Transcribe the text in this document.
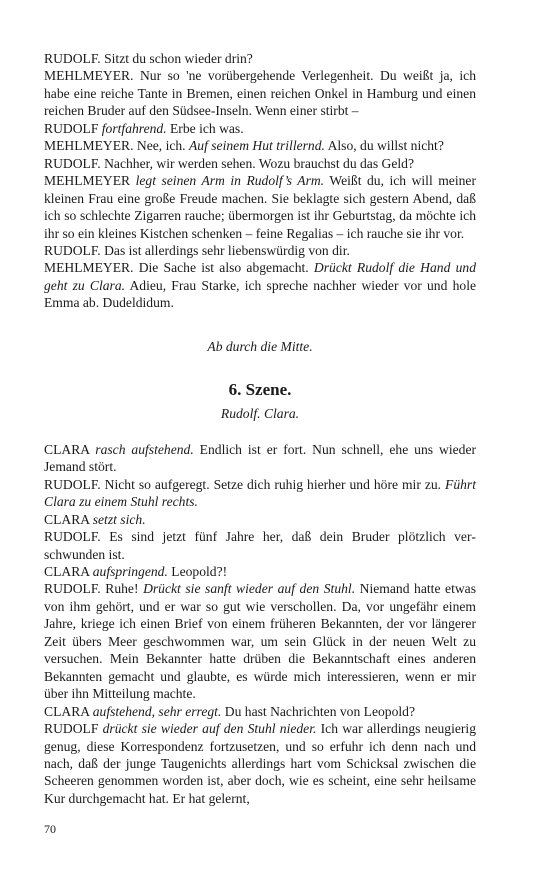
RUDOLF. Sitzt du schon wieder drin?

MEHLMEYER. Nur so 'ne vorübergehende Verlegenheit. Du weißt ja, ich habe eine reiche Tante in Bremen, einen reichen Onkel in Hamburg und einen reichen Bruder auf den Südsee-Inseln. Wenn einer stirbt –

RUDOLF fortfahrend. Erbe ich was.

MEHLMEYER. Nee, ich. Auf seinem Hut trillernd. Also, du willst nicht?

RUDOLF. Nachher, wir werden sehen. Wozu brauchst du das Geld?

MEHLMEYER legt seinen Arm in Rudolf’s Arm. Weißt du, ich will meiner kleinen Frau eine große Freude machen. Sie beklagte sich gestern Abend, daß ich so schlechte Zigarren rauche; übermorgen ist ihr Geburtstag, da möchte ich ihr so ein kleines Kistchen schenken – feine Regalias – ich rauche sie ihr vor.

RUDOLF. Das ist allerdings sehr liebenswürdig von dir.

MEHLMEYER. Die Sache ist also abgemacht. Drückt Rudolf die Hand und geht zu Clara. Adieu, Frau Starke, ich spreche nachher wieder vor und hole Emma ab. Dudeldidum.

Ab durch die Mitte.
6. Szene.
Rudolf. Clara.

CLARA rasch aufstehend. Endlich ist er fort. Nun schnell, ehe uns wieder Jemand stört.

RUDOLF. Nicht so aufgeregt. Setze dich ruhig hierher und höre mir zu. Führt Clara zu einem Stuhl rechts.

CLARA setzt sich.

RUDOLF. Es sind jetzt fünf Jahre her, daß dein Bruder plötzlich verschwunden ist.

CLARA aufspringend. Leopold?!

RUDOLF. Ruhe! Drückt sie sanft wieder auf den Stuhl. Niemand hatte etwas von ihm gehört, und er war so gut wie verschollen. Da, vor ungefähr einem Jahre, kriege ich einen Brief von einem früheren Bekannten, der vor längerer Zeit übers Meer geschwommen war, um sein Glück in der neuen Welt zu versuchen. Mein Bekannter hatte drüben die Bekanntschaft eines anderen Bekannten gemacht und glaubte, es würde mich interessieren, wenn er mir über ihn Mitteilung machte.

CLARA aufstehend, sehr erregt. Du hast Nachrichten von Leopold?

RUDOLF drückt sie wieder auf den Stuhl nieder. Ich war allerdings neugierig genug, diese Korrespondenz fortzusetzen, und so erfuhr ich denn nach und nach, daß der junge Taugenichts allerdings hart vom Schicksal zwischen die Scheeren genommen worden ist, aber doch, wie es scheint, eine sehr heilsame Kur durchgemacht hat. Er hat gelernt,

70
